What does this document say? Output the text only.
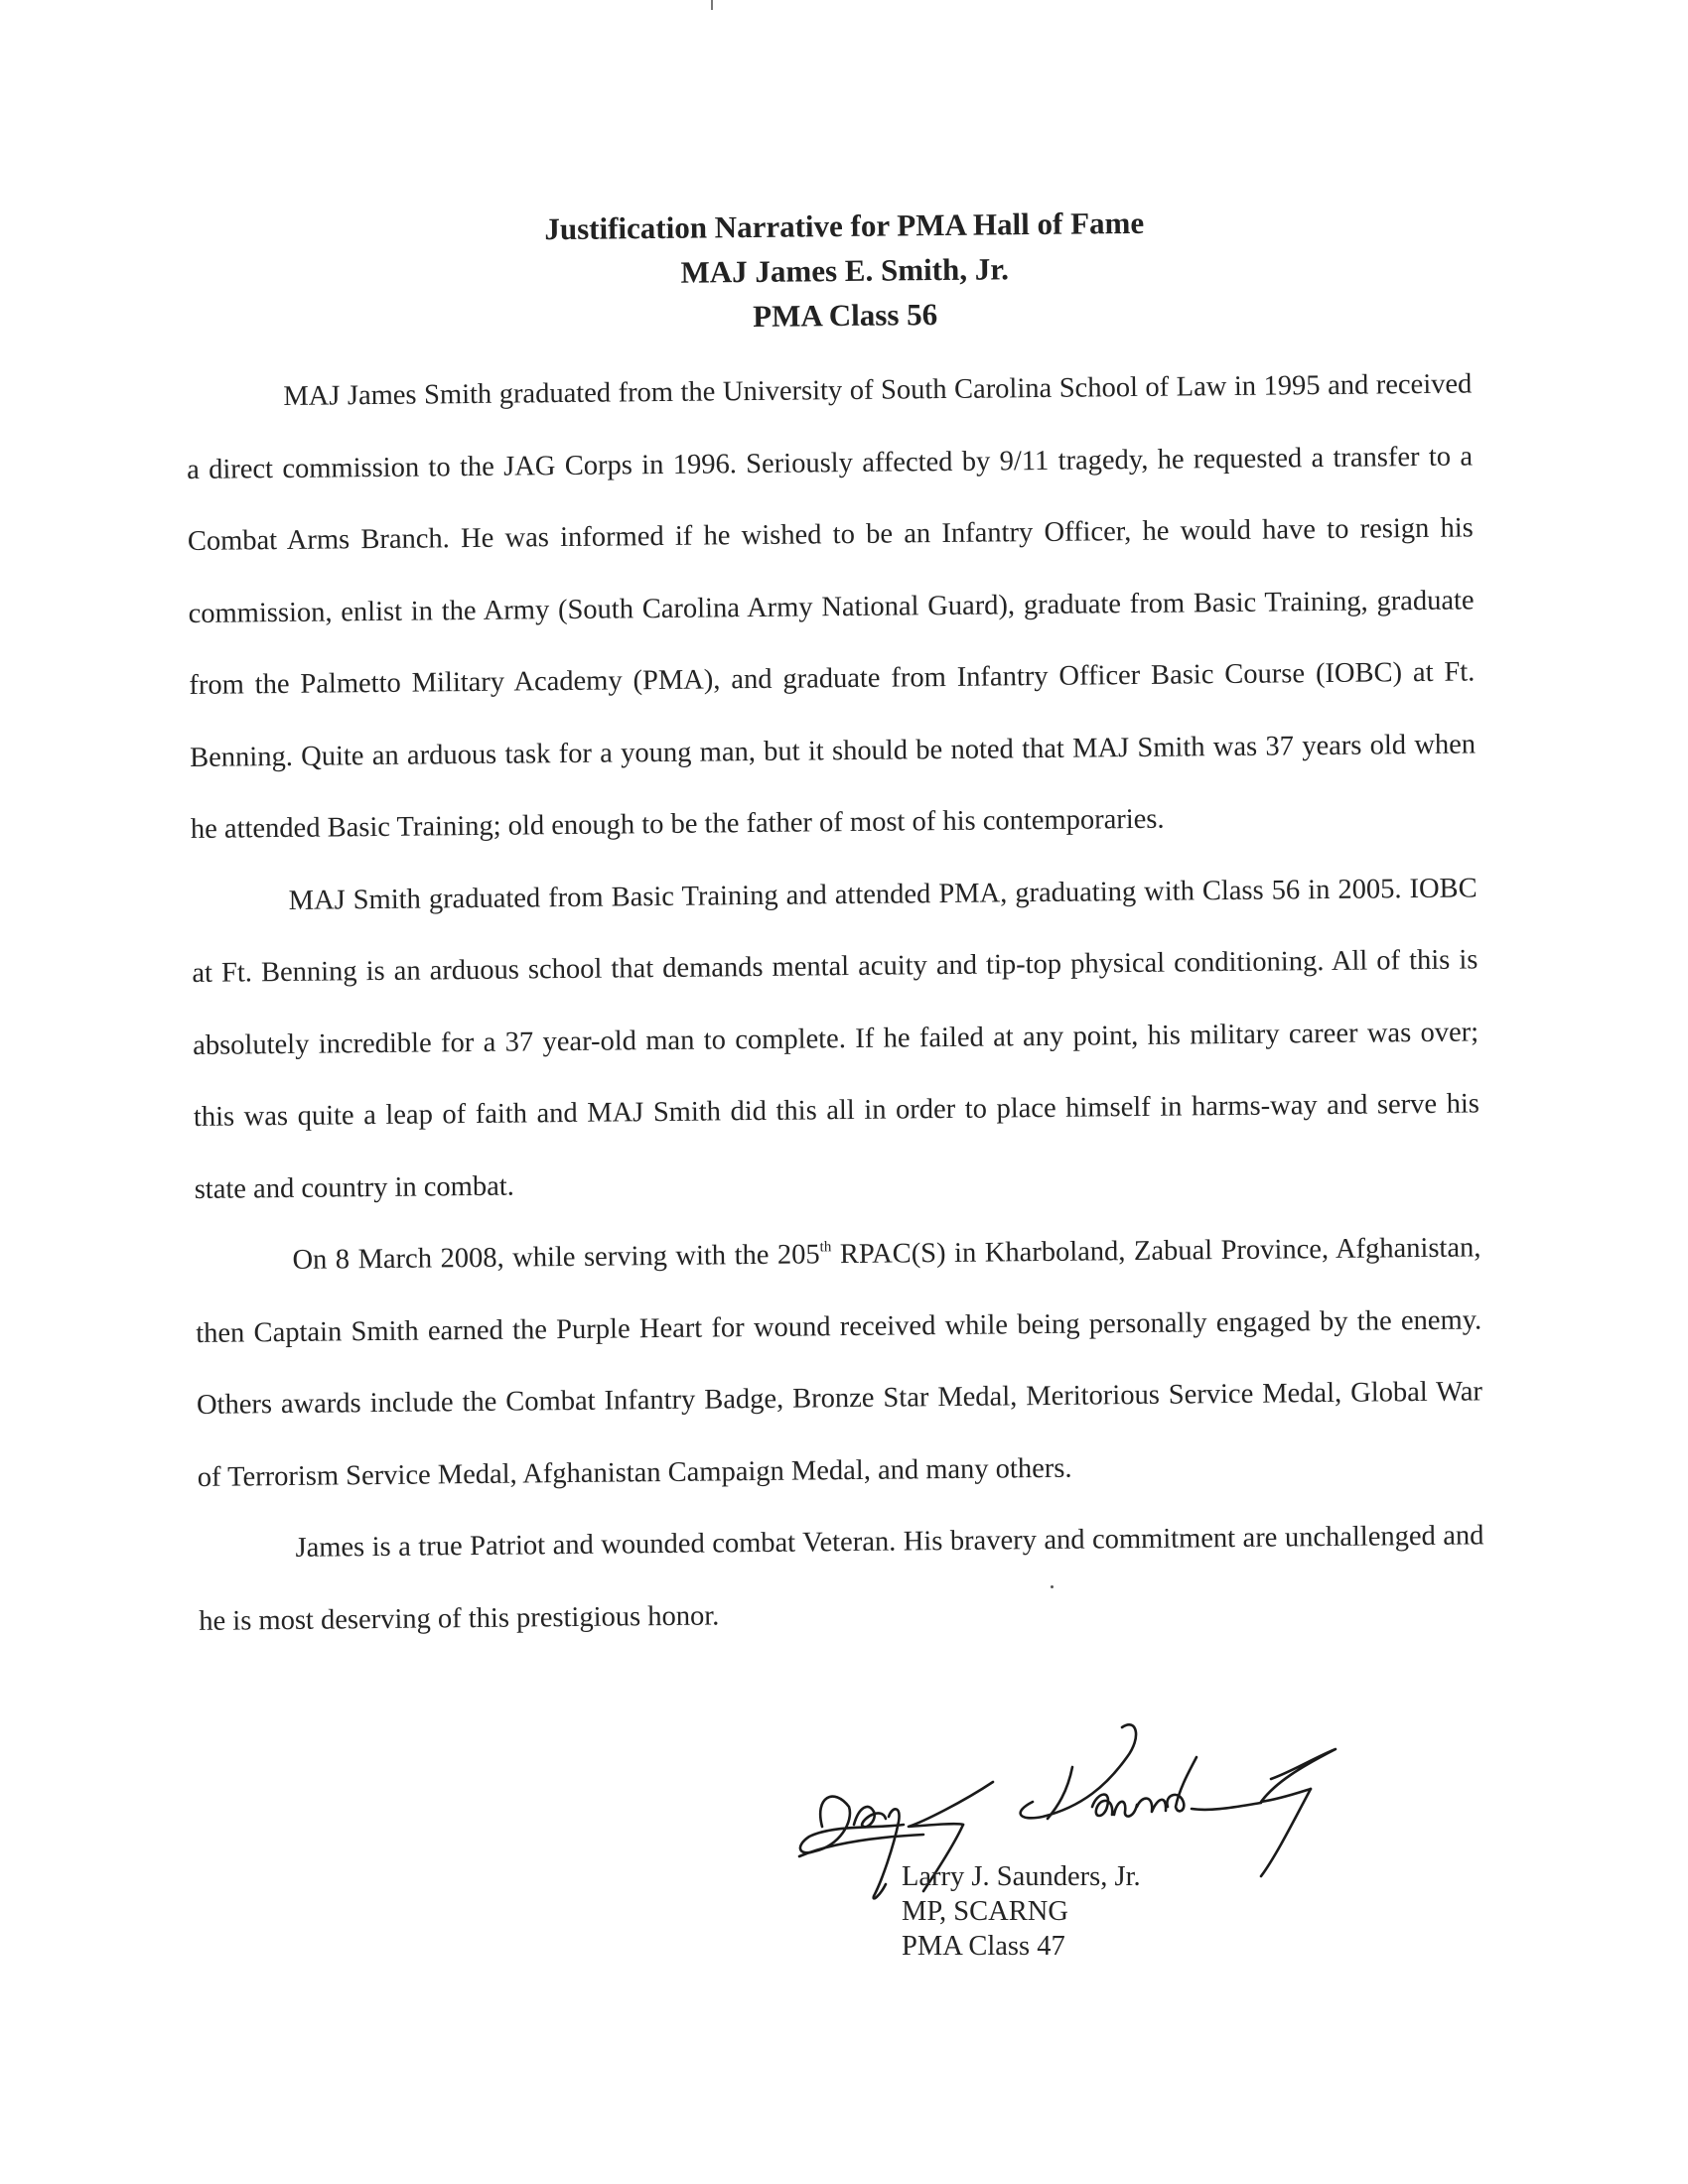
Justification Narrative for PMA Hall of Fame
MAJ James E. Smith, Jr.
PMA Class 56

MAJ James Smith graduated from the University of South Carolina School of Law in 1995 and received a direct commission to the JAG Corps in 1996. Seriously affected by 9/11 tragedy, he requested a transfer to a Combat Arms Branch. He was informed if he wished to be an Infantry Officer, he would have to resign his commission, enlist in the Army (South Carolina Army National Guard), graduate from Basic Training, graduate from the Palmetto Military Academy (PMA), and graduate from Infantry Officer Basic Course (IOBC) at Ft. Benning. Quite an arduous task for a young man, but it should be noted that MAJ Smith was 37 years old when he attended Basic Training; old enough to be the father of most of his contemporaries.

MAJ Smith graduated from Basic Training and attended PMA, graduating with Class 56 in 2005. IOBC at Ft. Benning is an arduous school that demands mental acuity and tip-top physical conditioning. All of this is absolutely incredible for a 37 year-old man to complete. If he failed at any point, his military career was over; this was quite a leap of faith and MAJ Smith did this all in order to place himself in harms-way and serve his state and country in combat.

On 8 March 2008, while serving with the 205th RPAC(S) in Kharboland, Zabual Province, Afghanistan, then Captain Smith earned the Purple Heart for wound received while being personally engaged by the enemy. Others awards include the Combat Infantry Badge, Bronze Star Medal, Meritorious Service Medal, Global War of Terrorism Service Medal, Afghanistan Campaign Medal, and many others.

James is a true Patriot and wounded combat Veteran. His bravery and commitment are unchallenged and he is most deserving of this prestigious honor.

Larry J. Saunders, Jr.
MP, SCARNG
PMA Class 47
